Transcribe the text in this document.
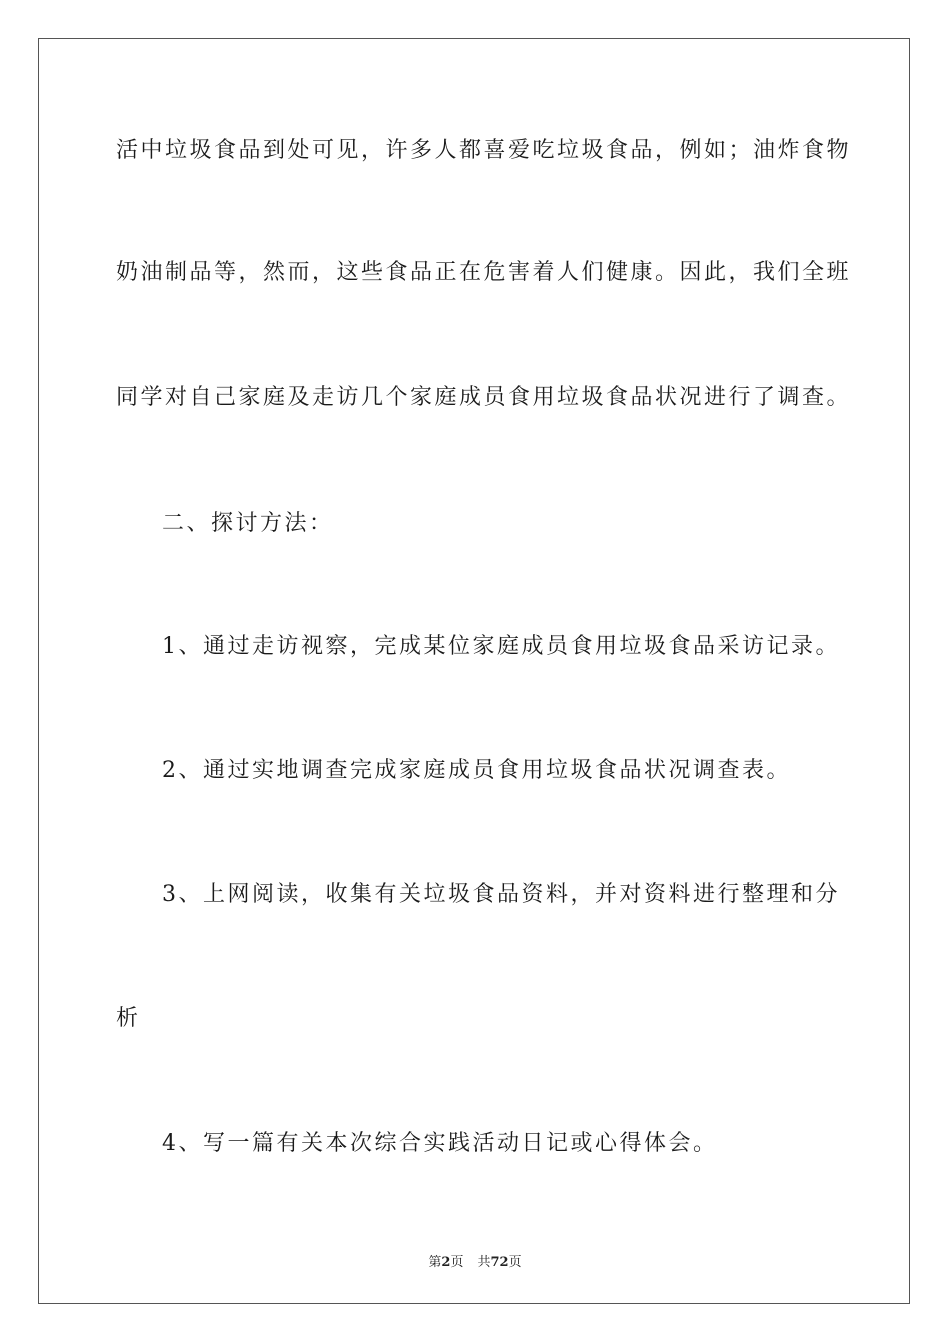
活中垃圾食品到处可见，许多人都喜爱吃垃圾食品，例如；油炸食物
奶油制品等，然而，这些食品正在危害着人们健康。因此，我们全班
同学对自己家庭及走访几个家庭成员食用垃圾食品状况进行了调查。
二、探讨方法：
1、通过走访视察，完成某位家庭成员食用垃圾食品采访记录。
2、通过实地调查完成家庭成员食用垃圾食品状况调查表。
3、上网阅读，收集有关垃圾食品资料，并对资料进行整理和分
析
4、写一篇有关本次综合实践活动日记或心得体会。
第2页 共72页
